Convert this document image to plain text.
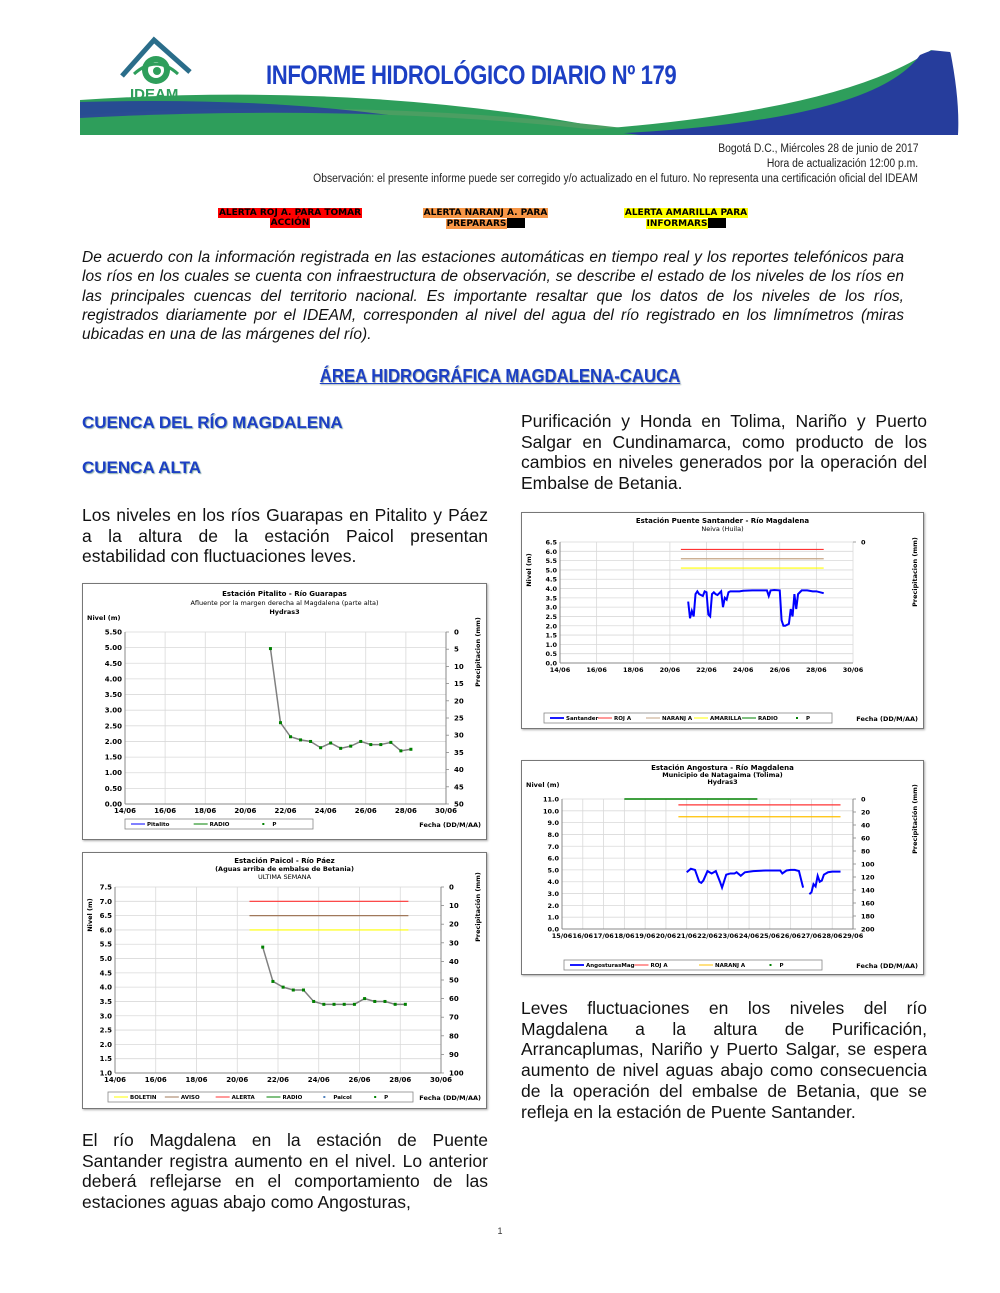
IDEAM
INFORME HIDROLÓGICO DIARIO Nº 179
Bogotá D.C., Miércoles 28 de junio de 2017
Hora de actualización 12:00 p.m.
Observación: el presente informe puede ser corregido y/o actualizado en el futuro. No representa una certificación oficial del IDEAM
ALERTA ROJ A. PARA TOMAR
ACCIÓN
ALERTA NARANJ A. PARA
PREPARARS
ALERTA AMARILLA PARA
INFORMARS
De acuerdo con la información registrada en las estaciones automáticas en tiempo real y los reportes telefónicos para los ríos en los cuales se cuenta con infraestructura de observación, se describe el estado de los niveles de los ríos en las principales cuencas del territorio nacional. Es importante resaltar que los datos de los niveles de los ríos, registrados diariamente por el IDEAM, corresponden al nivel del agua del río registrado en los limnímetros (miras ubicadas en una de las márgenes del río).
ÁREA HIDROGRÁFICA MAGDALENA-CAUCA
CUENCA DEL RÍO MAGDALENA
CUENCA ALTA
Los niveles en los ríos Guarapas en Pitalito y Páez a la altura de la estación Paicol presentan estabilidad con fluctuaciones leves.
Estación Pitalito - Río Guarapas
Afluente por la margen derecha al Magdalena (parte alta)
Hydras3
14/06	16/06	18/06	20/06	22/06	24/06	26/06	28/06	30/06
0.00
0.50
1.00
1.50
2.00
2.50
3.00
3.50
4.00
4.50
5.00
5.50	0
5
10
15
20
25
30
35
40
45
50
Nivel (m)	Precipitacion (mm)
Fecha (DD/M/AA)
Pitalito	RADIO	P
Estación Paicol - Río Páez
(Aguas arriba de embalse de Betania)
ULTIMA SEMANA
14/06	16/06	18/06	20/06	22/06	24/06	26/06	28/06	30/06
1.0
1.5
2.0
2.5
3.0
3.5
4.0
4.5
5.0
5.5
6.0
6.5
7.0
7.5	0
10
20
30
40
50
60
70
80
90
100
Nivel (m)	Precipitación (mm)
Fecha (DD/M/AA)
BOLETIN	AVISO	ALERTA	RADIO	Paicol	P
El río Magdalena en la estación de Puente Santander registra aumento en el nivel. Lo anterior deberá reflejarse en el comportamiento de las estaciones aguas abajo como Angosturas,
Purificación y Honda en Tolima, Nariño y Puerto Salgar en Cundinamarca, como producto de los cambios en niveles generados por la operación del Embalse de Betania.
Estación Puente Santander - Río Magdalena
Neiva (Huila)
14/06 16/06 18/06 20/06 22/06 24/06 26/06 28/06 30/06
0.0
0.5
1.0
1.5
2.0
2.5
3.0
3.5
4.0
4.5
5.0
5.5
6.0
6.5	0
Nivel (m)	Precipitacion (mm)
Fecha (DD/M/AA)
Santander	ROJ A	NARANJ A	AMARILLA	RADIO	P
Estación Angostura - Río Magdalena
Municipio de Natagaima (Tolima)
Hydras3
15/06 16/06 17/06 18/06 19/06 20/06 21/06 22/06 23/06 24/06 25/06 26/06 27/06 28/06 29/06
0.0
1.0
2.0
3.0
4.0
5.0
6.0
7.0
8.0
9.0
10.0
11.0	0
20
40
60
80
100
120
140
160
180
200
Nivel (m)	Precipitación (mm)
Fecha (DD/M/AA)
AngosturasMag	ROJ A	NARANJ A	P
Leves fluctuaciones en los niveles del río Magdalena a la altura de Purificación, Arrancaplumas, Nariño y Puerto Salgar, se espera aumento de nivel aguas abajo como consecuencia de la operación del embalse de Betania, que se refleja en la estación de Puente Santander.
1
